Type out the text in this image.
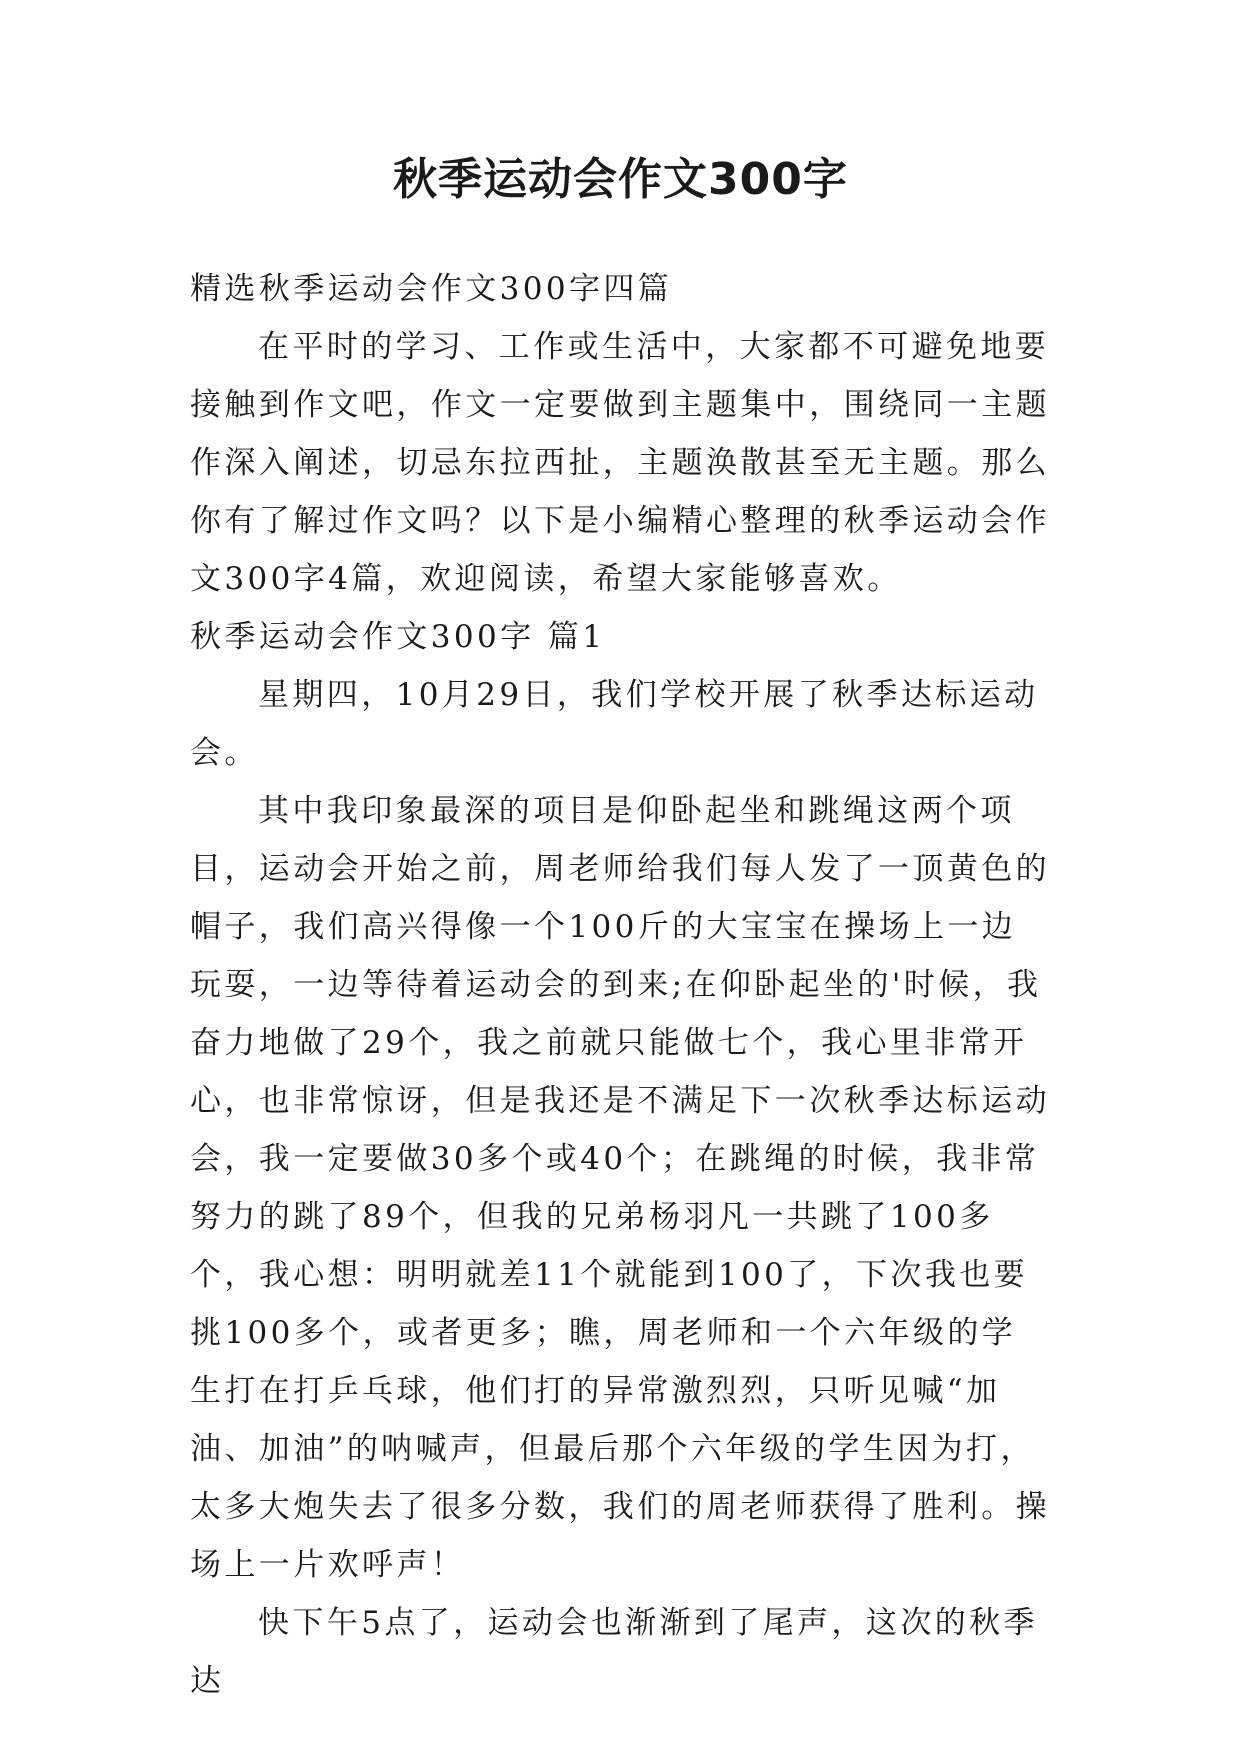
秋季运动会作文300字

精选秋季运动会作文300字四篇

在平时的学习、工作或生活中，大家都不可避免地要接触到作文吧，作文一定要做到主题集中，围绕同一主题作深入阐述，切忌东拉西扯，主题涣散甚至无主题。那么你有了解过作文吗？以下是小编精心整理的秋季运动会作文300字4篇，欢迎阅读，希望大家能够喜欢。

秋季运动会作文300字 篇1

星期四，10月29日，我们学校开展了秋季达标运动会。

其中我印象最深的项目是仰卧起坐和跳绳这两个项目，运动会开始之前，周老师给我们每人发了一顶黄色的帽子，我们高兴得像一个100斤的大宝宝在操场上一边玩耍，一边等待着运动会的到来;在仰卧起坐的'时候，我奋力地做了29个，我之前就只能做七个，我心里非常开心，也非常惊讶，但是我还是不满足下一次秋季达标运动会，我一定要做30多个或40个；在跳绳的时候，我非常努力的跳了89个，但我的兄弟杨羽凡一共跳了100多个，我心想：明明就差11个就能到100了，下次我也要挑100多个，或者更多；瞧，周老师和一个六年级的学生打在打乒乓球，他们打的异常激烈烈，只听见喊“加油、加油”的呐喊声，但最后那个六年级的学生因为打，太多大炮失去了很多分数，我们的周老师获得了胜利。操场上一片欢呼声！

快下午5点了，运动会也渐渐到了尾声，这次的秋季达
